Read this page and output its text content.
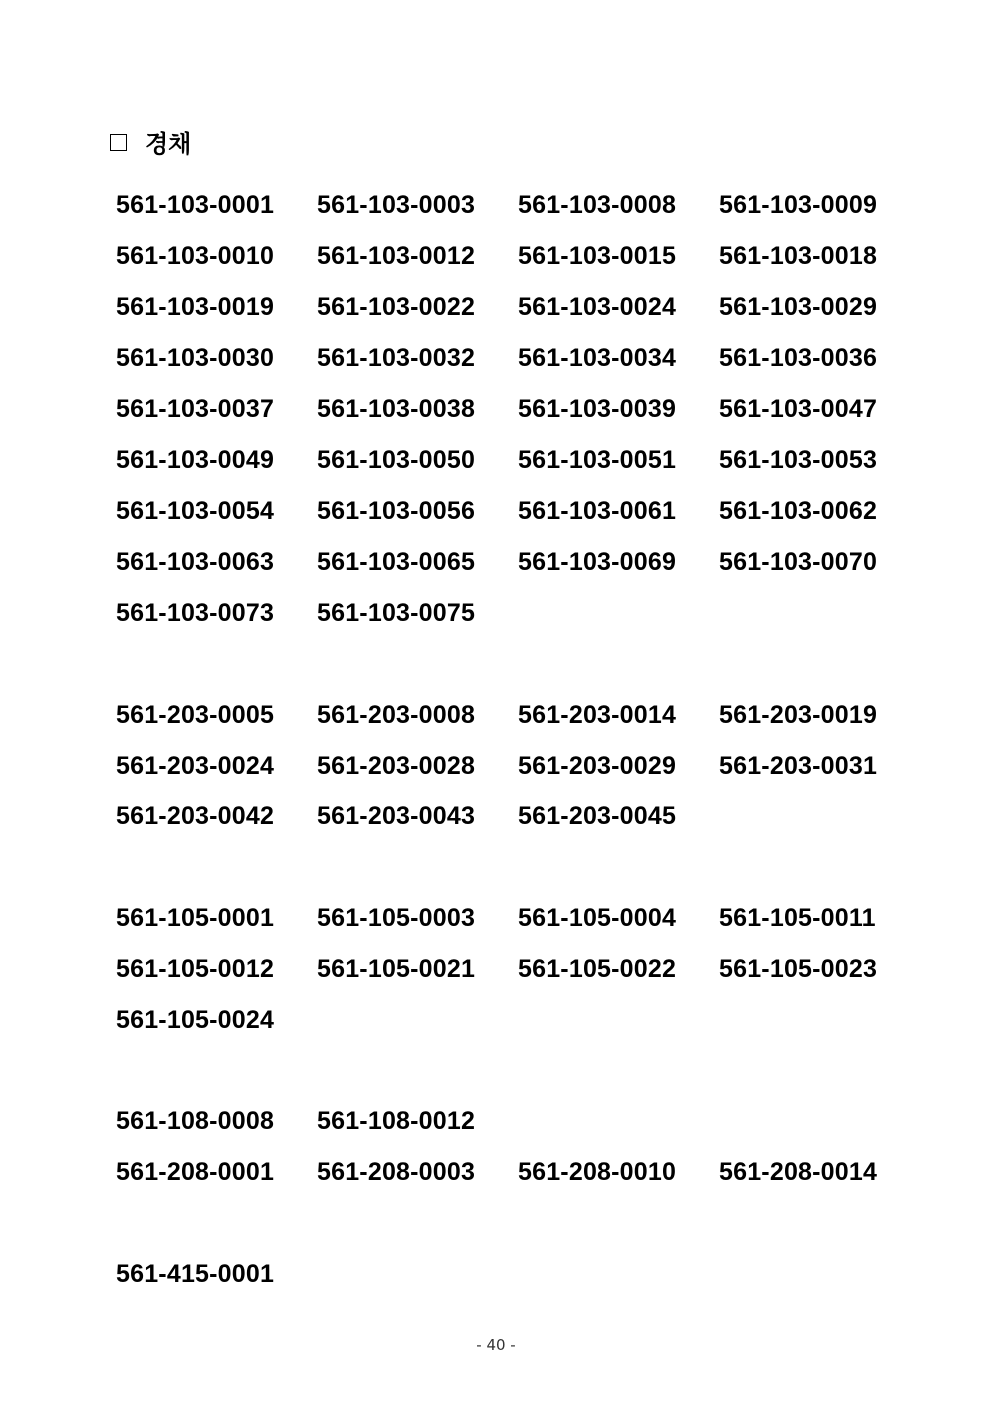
경채
561-103-0001	561-103-0003	561-103-0008	561-103-0009
561-103-0010	561-103-0012	561-103-0015	561-103-0018
561-103-0019	561-103-0022	561-103-0024	561-103-0029
561-103-0030	561-103-0032	561-103-0034	561-103-0036
561-103-0037	561-103-0038	561-103-0039	561-103-0047
561-103-0049	561-103-0050	561-103-0051	561-103-0053
561-103-0054	561-103-0056	561-103-0061	561-103-0062
561-103-0063	561-103-0065	561-103-0069	561-103-0070
561-103-0073	561-103-0075
561-203-0005	561-203-0008	561-203-0014	561-203-0019
561-203-0024	561-203-0028	561-203-0029	561-203-0031
561-203-0042	561-203-0043	561-203-0045
561-105-0001	561-105-0003	561-105-0004	561-105-0011
561-105-0012	561-105-0021	561-105-0022	561-105-0023
561-105-0024
561-108-0008	561-108-0012
561-208-0001	561-208-0003	561-208-0010	561-208-0014
561-415-0001
- 40 -
